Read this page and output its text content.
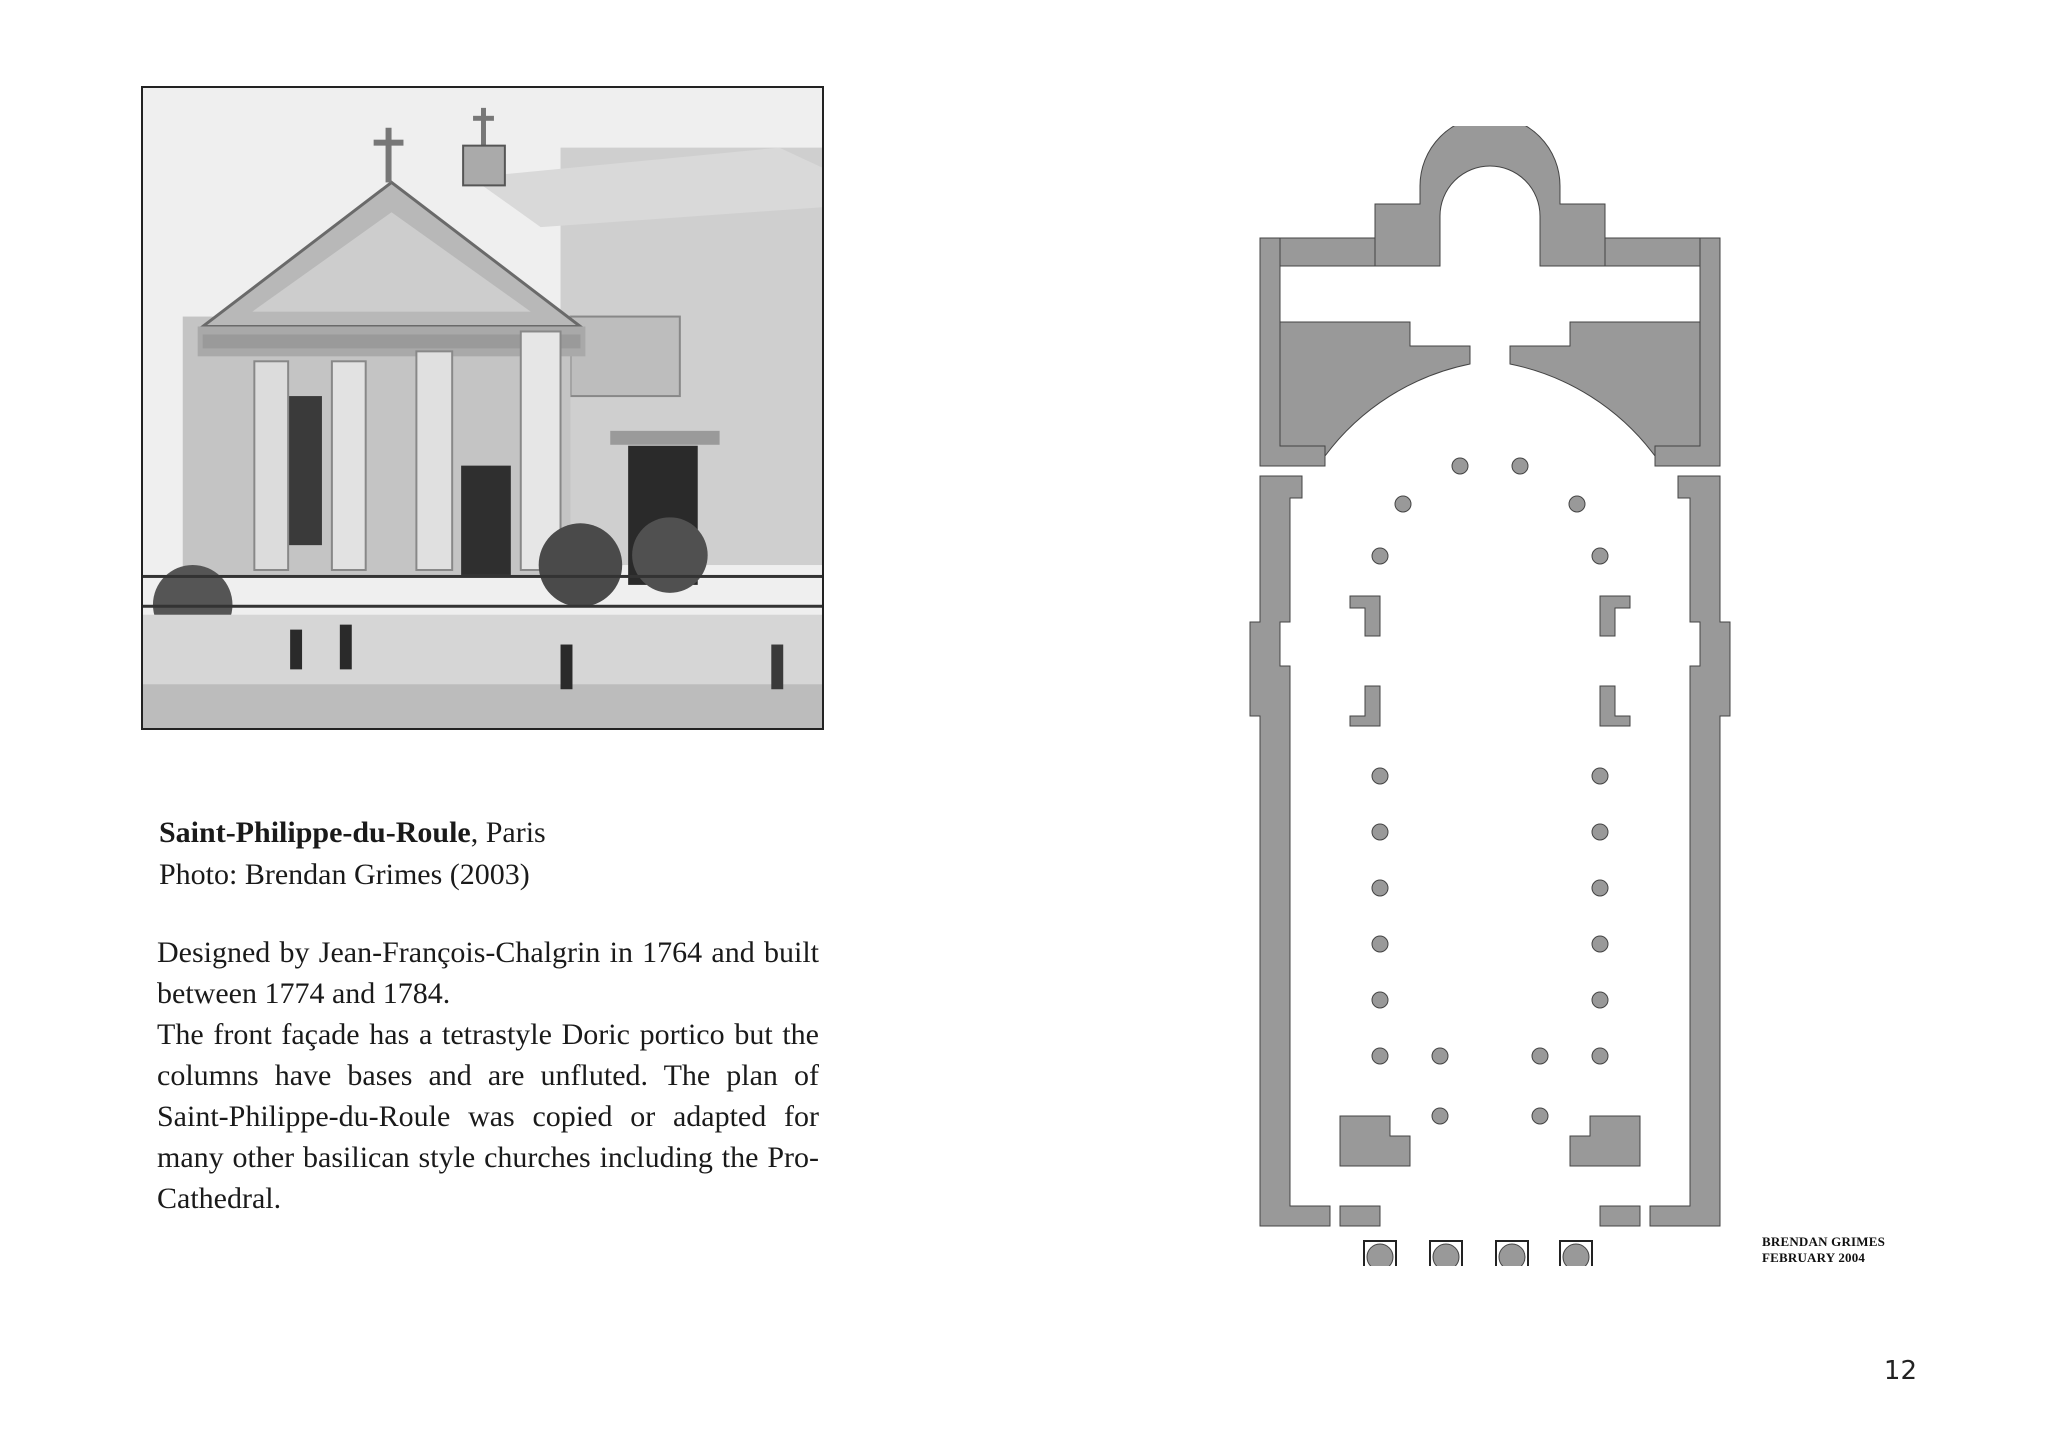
Saint-Philippe-du-Roule, Paris
Photo: Brendan Grimes (2003)

Designed by Jean-François-Chalgrin in 1764 and built between 1774 and 1784.

The front façade has a tetrastyle Doric portico but the columns have bases and are unfluted. The plan of Saint-Philippe-du-Roule was copied or adapted for many other basilican style churches including the Pro-Cathedral.

BRENDAN GRIMES
FEBRUARY 2004
12
